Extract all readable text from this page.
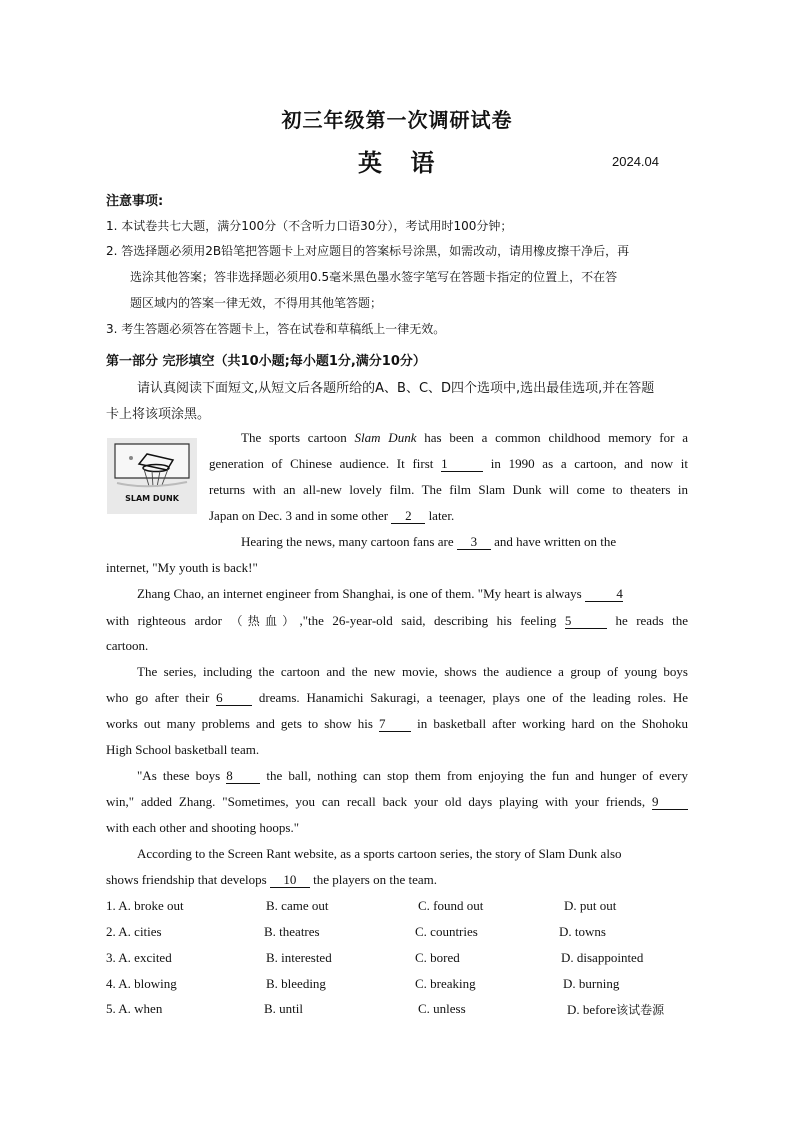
初三年级第一次调研试卷
英 语	2024.04
注意事项:
1. 本试卷共七大题，满分100分（不含听力口语30分），考试用时100分钟；
2. 答选择题必须用2B铅笔把答题卡上对应题目的答案标号涂黑，如需改动，请用橡皮擦干净后，再
选涂其他答案；答非选择题必须用0.5毫米黑色墨水签字笔写在答题卡指定的位置上，不在答
题区域内的答案一律无效，不得用其他笔答题；
3. 考生答题必须答在答题卡上，答在试卷和草稿纸上一律无效。
第一部分 完形填空（共10小题;每小题1分,满分10分）
请认真阅读下面短文,从短文后各题所给的A、B、C、D四个选项中,选出最佳选项,并在答题
卡上将该项涂黑。
SLAM DUNK
The sports cartoon Slam Dunk has been a common childhood memory for a
generation of Chinese audience. It first 1	in 1990 as a cartoon, and now it
returns with an all-new lovely film. The film Slam Dunk will come to theaters in
Japan on Dec. 3 and in some other 2 later.
Hearing the news, many cartoon fans are 3 and have written on the
internet, "My youth is back!"
Zhang Chao, an internet engineer from Shanghai, is one of them. "My heart is always	4
with righteous ardor （热血）,"the 26-year-old said, describing his feeling 5	he reads the
cartoon.
The series, including the cartoon and the new movie, shows the audience a group of young boys
who go after their 6	dreams. Hanamichi Sakuragi, a teenager, plays one of the leading roles. He
works out many problems and gets to show his 7 in basketball after working hard on the Shohoku
High School basketball team.
"As these boys 8	the ball, nothing can stop them from enjoying the fun and hunger of every
win," added Zhang. "Sometimes, you can recall back your old days playing with your friends, 9
with each other and shooting hoops."
According to the Screen Rant website, as a sports cartoon series, the story of Slam Dunk also
shows friendship that develops 10 the players on the team.
1. A. broke out	B. came out	C. found out	D. put out
2. A. cities	B. theatres	C. countries	D. towns
3. A. excited	B. interested	C. bored	D. disappointed
4. A. blowing	B. bleeding	C. breaking	D. burning
5. A. when	B. until	C. unless	D. before该试卷源
